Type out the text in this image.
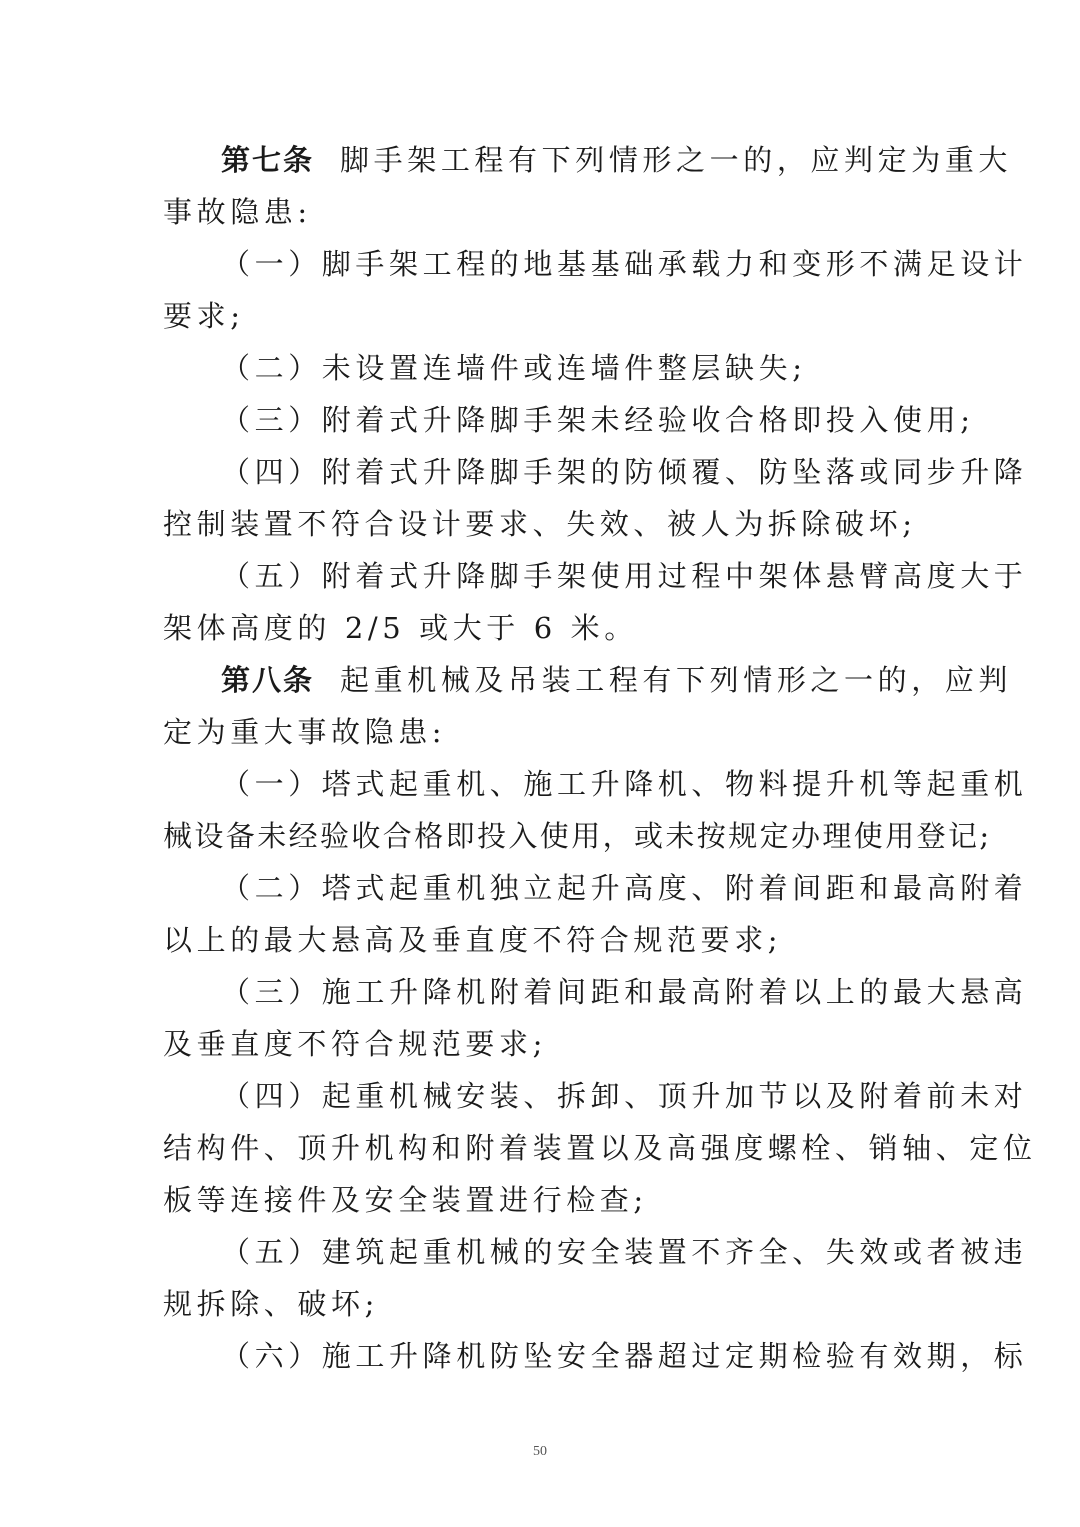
第七条 脚手架工程有下列情形之一的，应判定为重大
事故隐患:
（一）脚手架工程的地基基础承载力和变形不满足设计
要求;
（二）未设置连墙件或连墙件整层缺失;
（三）附着式升降脚手架未经验收合格即投入使用;
（四）附着式升降脚手架的防倾覆、防坠落或同步升降
控制装置不符合设计要求、失效、被人为拆除破坏;
（五）附着式升降脚手架使用过程中架体悬臂高度大于
架体高度的 2/5 或大于 6 米。
第八条 起重机械及吊装工程有下列情形之一的，应判
定为重大事故隐患:
（一）塔式起重机、施工升降机、物料提升机等起重机
械设备未经验收合格即投入使用，或未按规定办理使用登记;
（二）塔式起重机独立起升高度、附着间距和最高附着
以上的最大悬高及垂直度不符合规范要求;
（三）施工升降机附着间距和最高附着以上的最大悬高
及垂直度不符合规范要求;
（四）起重机械安装、拆卸、顶升加节以及附着前未对
结构件、顶升机构和附着装置以及高强度螺栓、销轴、定位
板等连接件及安全装置进行检查;
（五）建筑起重机械的安全装置不齐全、失效或者被违
规拆除、破坏;
（六）施工升降机防坠安全器超过定期检验有效期，标
50
